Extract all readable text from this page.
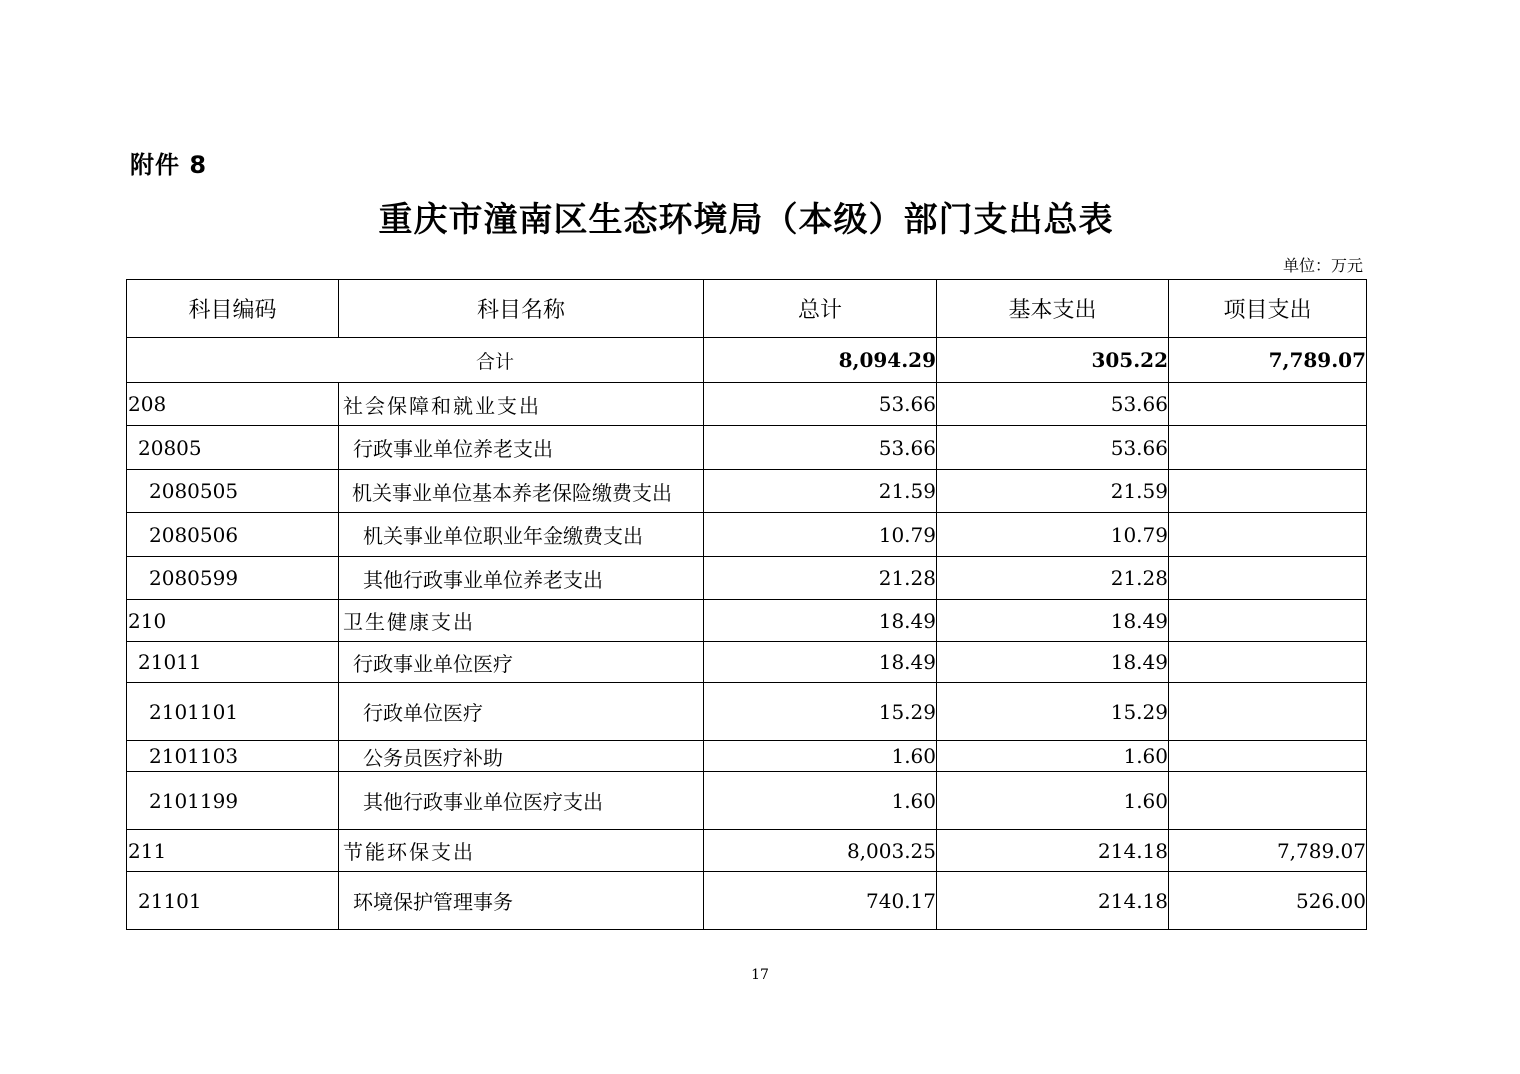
附件 8
重庆市潼南区生态环境局（本级）部门支出总表
单位：万元
科目编码	科目名称	总计	基本支出	项目支出
合计		8,094.29	305.22	7,789.07
208	社会保障和就业支出	53.66	53.66	
20805	行政事业单位养老支出	53.66	53.66	
2080505	机关事业单位基本养老保险缴费支出	21.59	21.59	
2080506	机关事业单位职业年金缴费支出	10.79	10.79	
2080599	其他行政事业单位养老支出	21.28	21.28	
210	卫生健康支出	18.49	18.49	
21011	行政事业单位医疗	18.49	18.49	
2101101	行政单位医疗	15.29	15.29	
2101103	公务员医疗补助	1.60	1.60	
2101199	其他行政事业单位医疗支出	1.60	1.60	
211	节能环保支出	8,003.25	214.18	7,789.07
21101	环境保护管理事务	740.17	214.18	526.00
17
